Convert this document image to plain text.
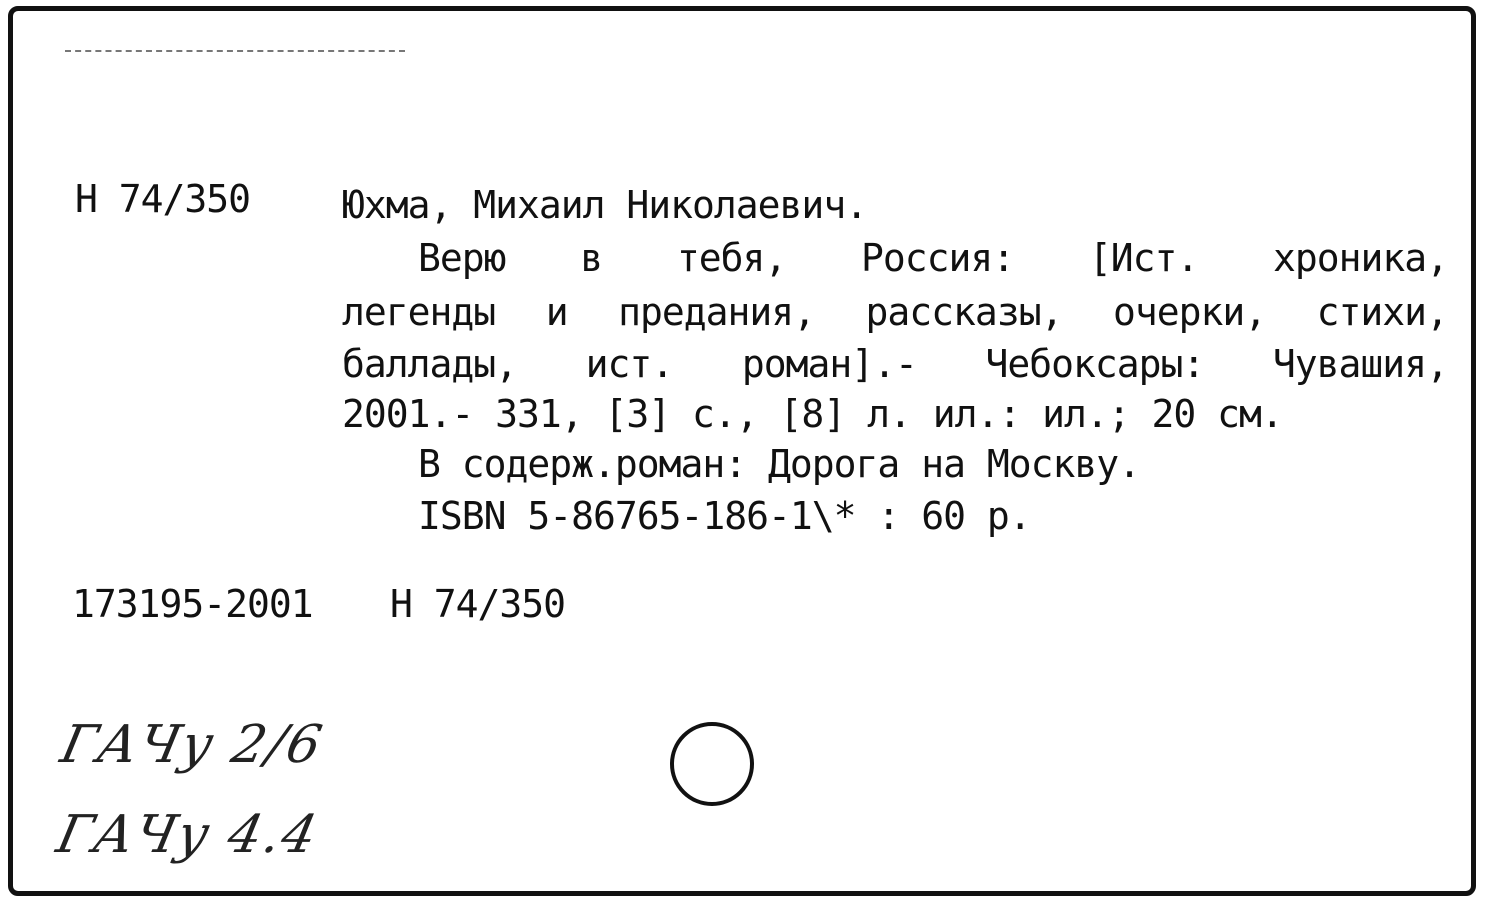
Н 74/350 Юхма, Михаил Николаевич.
Верю в тебя, Россия: [Ист. хроника,
легенды и предания, рассказы, очерки, стихи,
баллады, ист. роман].- Чебоксары: Чувашия,
2001.- 331, [3] с., [8] л. ил.: ил.; 20 см.
В содерж.роман: Дорога на Москву.
ISBN 5-86765-186-1\* : 60 р.
173195-2001 Н 74/350
ГАЧу 2/6
ГАЧу 4.4
